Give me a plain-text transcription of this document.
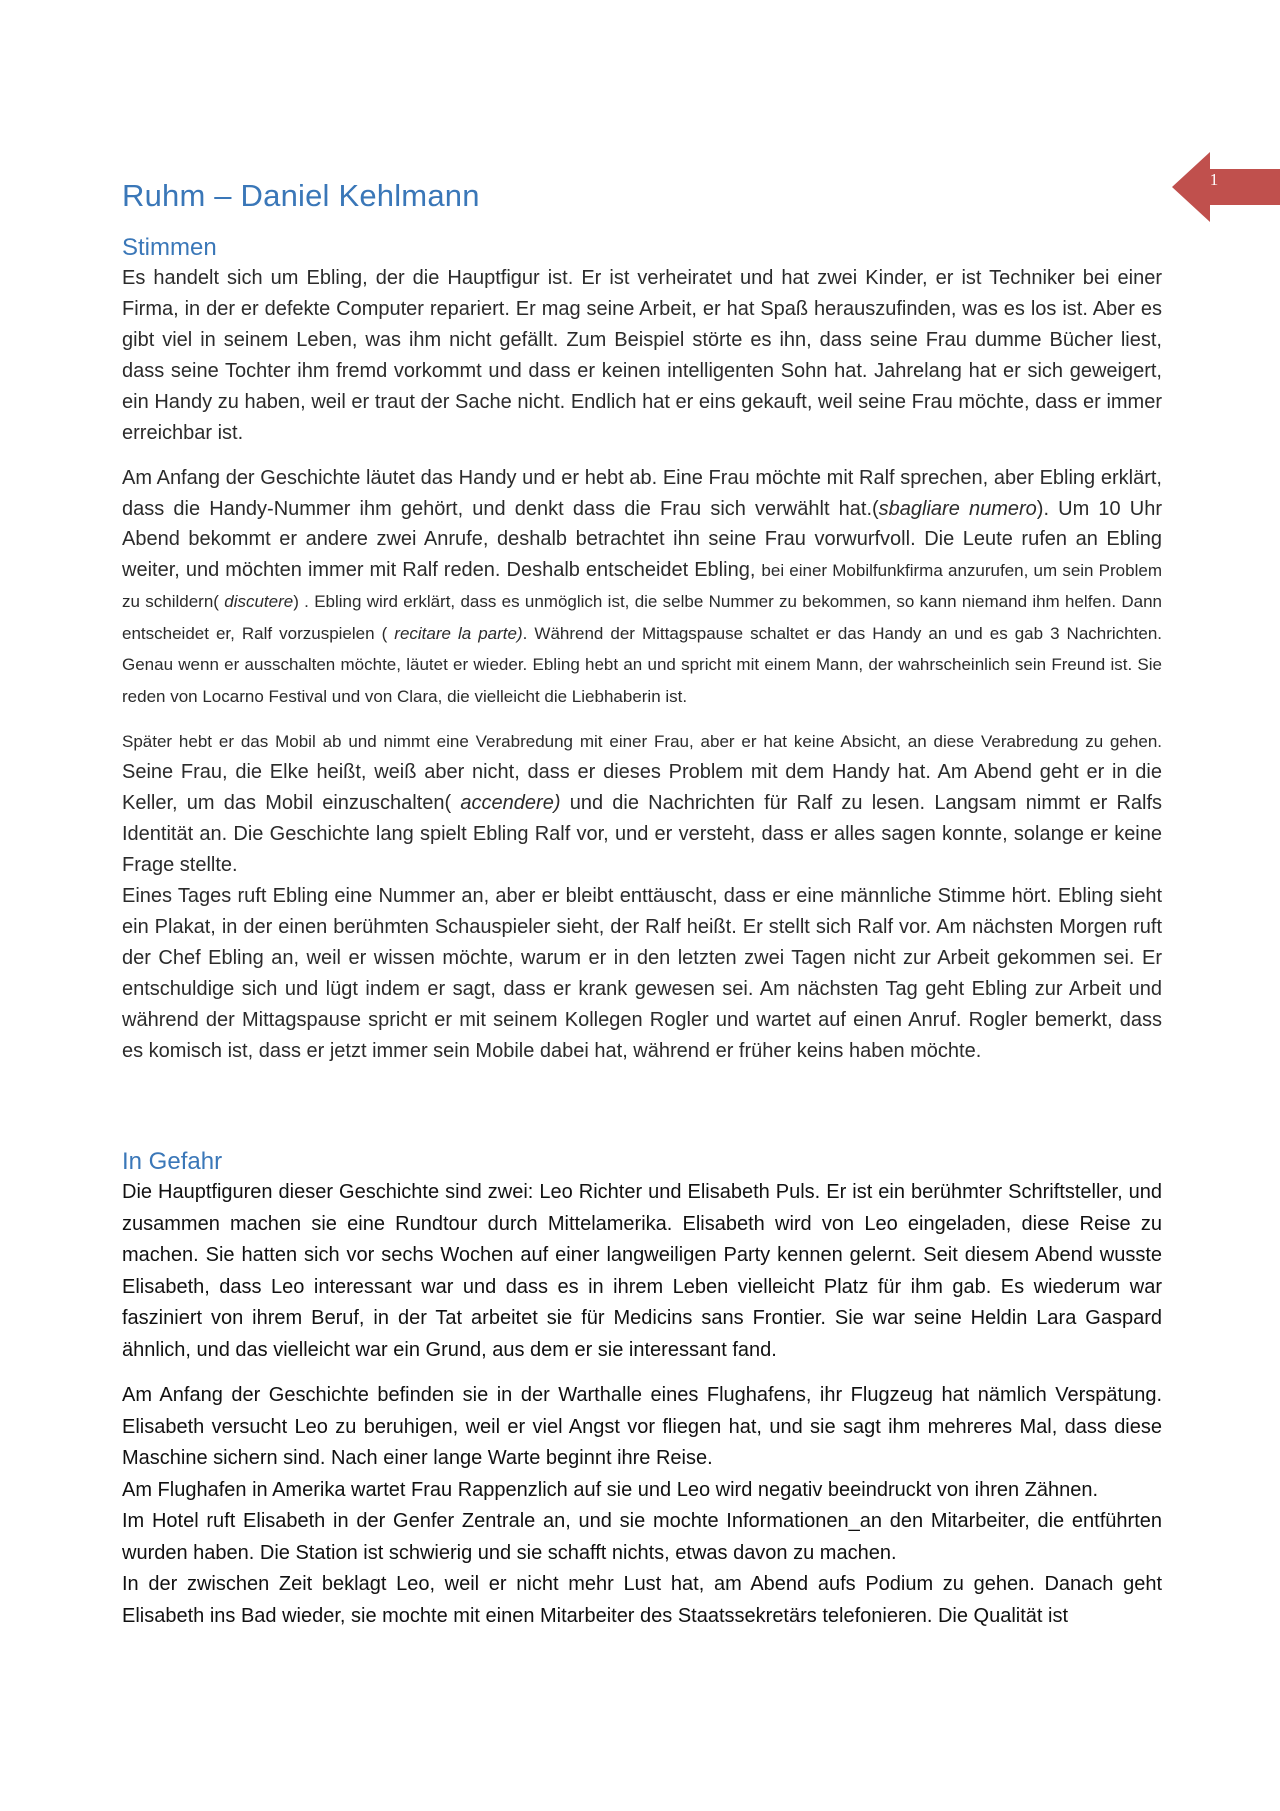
1
Ruhm – Daniel Kehlmann
Stimmen

Es handelt sich um Ebling, der die Hauptfigur ist. Er ist verheiratet und hat zwei Kinder, er ist Techniker bei einer Firma, in der er defekte Computer repariert. Er mag seine Arbeit, er hat Spaß herauszufinden, was es los ist. Aber es gibt viel in seinem Leben, was ihm nicht gefällt. Zum Beispiel störte es ihn, dass seine Frau dumme Bücher liest, dass seine Tochter ihm fremd vorkommt und dass er keinen intelligenten Sohn hat. Jahrelang hat er sich geweigert, ein Handy zu haben, weil er traut der Sache nicht. Endlich hat er eins gekauft, weil seine Frau möchte, dass er immer erreichbar ist.

Am Anfang der Geschichte läutet das Handy und er hebt ab. Eine Frau möchte mit Ralf sprechen, aber Ebling erklärt, dass die Handy-Nummer ihm gehört, und denkt dass die Frau sich verwählt hat.(sbagliare numero). Um 10 Uhr Abend bekommt er andere zwei Anrufe, deshalb betrachtet ihn seine Frau vorwurfvoll. Die Leute rufen an Ebling weiter, und möchten immer mit Ralf reden. Deshalb entscheidet Ebling, bei einer Mobilfunkfirma anzurufen, um sein Problem zu schildern( discutere) . Ebling wird erklärt, dass es unmöglich ist, die selbe Nummer zu bekommen, so kann niemand ihm helfen. Dann entscheidet er, Ralf vorzuspielen ( recitare la parte). Während der Mittagspause schaltet er das Handy an und es gab 3 Nachrichten. Genau wenn er ausschalten möchte, läutet er wieder. Ebling hebt an und spricht mit einem Mann, der wahrscheinlich sein Freund ist. Sie reden von Locarno Festival und von Clara, die vielleicht die Liebhaberin ist.

Später hebt er das Mobil ab und nimmt eine Verabredung mit einer Frau, aber er hat keine Absicht, an diese Verabredung zu gehen. Seine Frau, die Elke heißt, weiß aber nicht, dass er dieses Problem mit dem Handy hat. Am Abend geht er in die Keller, um das Mobil einzuschalten( accendere) und die Nachrichten für Ralf zu lesen. Langsam nimmt er Ralfs Identität an. Die Geschichte lang spielt Ebling Ralf vor, und er versteht, dass er alles sagen konnte, solange er keine Frage stellte.

Eines Tages ruft Ebling eine Nummer an, aber er bleibt enttäuscht, dass er eine männliche Stimme hört. Ebling sieht ein Plakat, in der einen berühmten Schauspieler sieht, der Ralf heißt. Er stellt sich Ralf vor. Am nächsten Morgen ruft der Chef Ebling an, weil er wissen möchte, warum er in den letzten zwei Tagen nicht zur Arbeit gekommen sei. Er entschuldige sich und lügt indem er sagt, dass er krank gewesen sei. Am nächsten Tag geht Ebling zur Arbeit und während der Mittagspause spricht er mit seinem Kollegen Rogler und wartet auf einen Anruf. Rogler bemerkt, dass es komisch ist, dass er jetzt immer sein Mobile dabei hat, während er früher keins haben möchte.

In Gefahr

Die Hauptfiguren dieser Geschichte sind zwei: Leo Richter und Elisabeth Puls. Er ist ein berühmter Schriftsteller, und zusammen machen sie eine Rundtour durch Mittelamerika. Elisabeth wird von Leo eingeladen, diese Reise zu machen. Sie hatten sich vor sechs Wochen auf einer langweiligen Party kennen gelernt. Seit diesem Abend wusste Elisabeth, dass Leo interessant war und dass es in ihrem Leben vielleicht Platz für ihm gab. Es wiederum war fasziniert von ihrem Beruf, in der Tat arbeitet sie für Medicins sans Frontier. Sie war seine Heldin Lara Gaspard ähnlich, und das vielleicht war ein Grund, aus dem er sie interessant fand.

Am Anfang der Geschichte befinden sie in der Warthalle eines Flughafens, ihr Flugzeug hat nämlich Verspätung. Elisabeth versucht Leo zu beruhigen, weil er viel Angst vor fliegen hat, und sie sagt ihm mehreres Mal, dass diese Maschine sichern sind. Nach einer lange Warte beginnt ihre Reise.

Am Flughafen in Amerika wartet Frau Rappenzlich auf sie und Leo wird negativ beeindruckt von ihren Zähnen.

Im Hotel ruft Elisabeth in der Genfer Zentrale an, und sie mochte Informationen_an den Mitarbeiter, die entführten wurden haben. Die Station ist schwierig und sie schafft nichts, etwas davon zu machen.

In der zwischen Zeit beklagt Leo, weil er nicht mehr Lust hat, am Abend aufs Podium zu gehen. Danach geht Elisabeth ins Bad wieder, sie mochte mit einen Mitarbeiter des Staatssekretärs telefonieren. Die Qualität ist
